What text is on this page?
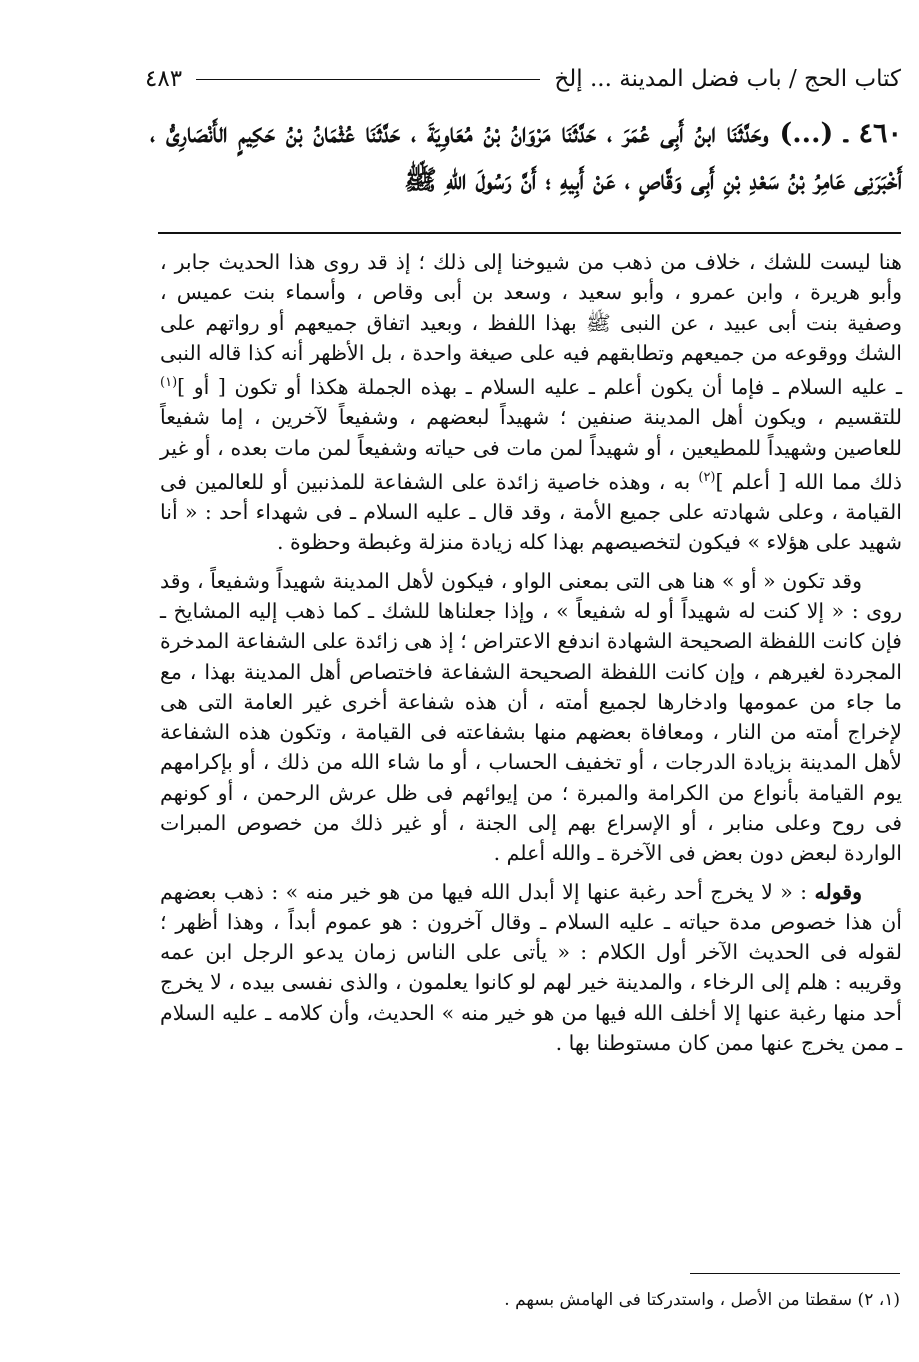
كتاب الحج / باب فضل المدينة ... إلخ
٤٨٣
٤٦٠ ـ (...) وحَدَّثَنَا ابنُ أَبِى عُمَرَ ، حَدَّثَنَا مَرْوَانُ بْنُ مُعَاوِيَةَ ، حَدَّثَنَا عُثْمَانُ بْنُ حَكِيمٍ الأَنْصَارِىُّ ، أَخْبَرَنِى عَامِرُ بْنُ سَعْدِ بْنِ أَبِى وَقَّاصٍ ، عَنْ أَبِيهِ ؛ أَنَّ رَسُولَ اللهِ ﷺ

هنا ليست للشك ، خلاف من ذهب من شيوخنا إلى ذلك ؛ إذ قد روى هذا الحديث جابر ، وأبو هريرة ، وابن عمرو ، وأبو سعيد ، وسعد بن أبى وقاص ، وأسماء بنت عميس ، وصفية بنت أبى عبيد ، عن النبى ﷺ بهذا اللفظ ، وبعيد اتفاق جميعهم أو رواتهم على الشك ووقوعه من جميعهم وتطابقهم فيه على صيغة واحدة ، بل الأظهر أنه كذا قاله النبى ـ عليه السلام ـ فإما أن يكون أعلم ـ عليه السلام ـ بهذه الجملة هكذا أو تكون [ أو ]$^{(١)}$ للتقسيم ، ويكون أهل المدينة صنفين ؛ شهيداً لبعضهم ، وشفيعاً لآخرين ، إما شفيعاً للعاصين وشهيداً للمطيعين ، أو شهيداً لمن مات فى حياته وشفيعاً لمن مات بعده ، أو غير ذلك مما الله [ أعلم ]$^{(٢)}$ به ، وهذه خاصية زائدة على الشفاعة للمذنبين أو للعالمين فى القيامة ، وعلى شهادته على جميع الأمة ، وقد قال ـ عليه السلام ـ فى شهداء أحد : « أنا شهيد على هؤلاء » فيكون لتخصيصهم بهذا كله زيادة منزلة وغبطة وحظوة .

وقد تكون « أو » هنا هى التى بمعنى الواو ، فيكون لأهل المدينة شهيداً وشفيعاً ، وقد روى : « إلا كنت له شهيداً أو له شفيعاً » ، وإذا جعلناها للشك ـ كما ذهب إليه المشايخ ـ فإن كانت اللفظة الصحيحة الشهادة اندفع الاعتراض ؛ إذ هى زائدة على الشفاعة المدخرة المجردة لغيرهم ، وإن كانت اللفظة الصحيحة الشفاعة فاختصاص أهل المدينة بهذا ، مع ما جاء من عمومها وادخارها لجميع أمته ، أن هذه شفاعة أخرى غير العامة التى هى لإخراج أمته من النار ، ومعافاة بعضهم منها بشفاعته فى القيامة ، وتكون هذه الشفاعة لأهل المدينة بزيادة الدرجات ، أو تخفيف الحساب ، أو ما شاء الله من ذلك ، أو بإكرامهم يوم القيامة بأنواع من الكرامة والمبرة ؛ من إيوائهم فى ظل عرش الرحمن ، أو كونهم فى روح وعلى منابر ، أو الإسراع بهم إلى الجنة ، أو غير ذلك من خصوص المبرات الواردة لبعض دون بعض فى الآخرة ـ والله أعلم .

وقوله : « لا يخرج أحد رغبة عنها إلا أبدل الله فيها من هو خير منه » : ذهب بعضهم أن هذا خصوص مدة حياته ـ عليه السلام ـ وقال آخرون : هو عموم أبداً ، وهذا أظهر ؛ لقوله فى الحديث الآخر أول الكلام : « يأتى على الناس زمان يدعو الرجل ابن عمه وقريبه : هلم إلى الرخاء ، والمدينة خير لهم لو كانوا يعلمون ، والذى نفسى بيده ، لا يخرج أحد منها رغبة عنها إلا أخلف الله فيها من هو خير منه » الحديث، وأن كلامه ـ عليه السلام ـ ممن يخرج عنها ممن كان مستوطنا بها .

(١، ٢) سقطتا من الأصل ، واستدركتا فى الهامش بسهم .
